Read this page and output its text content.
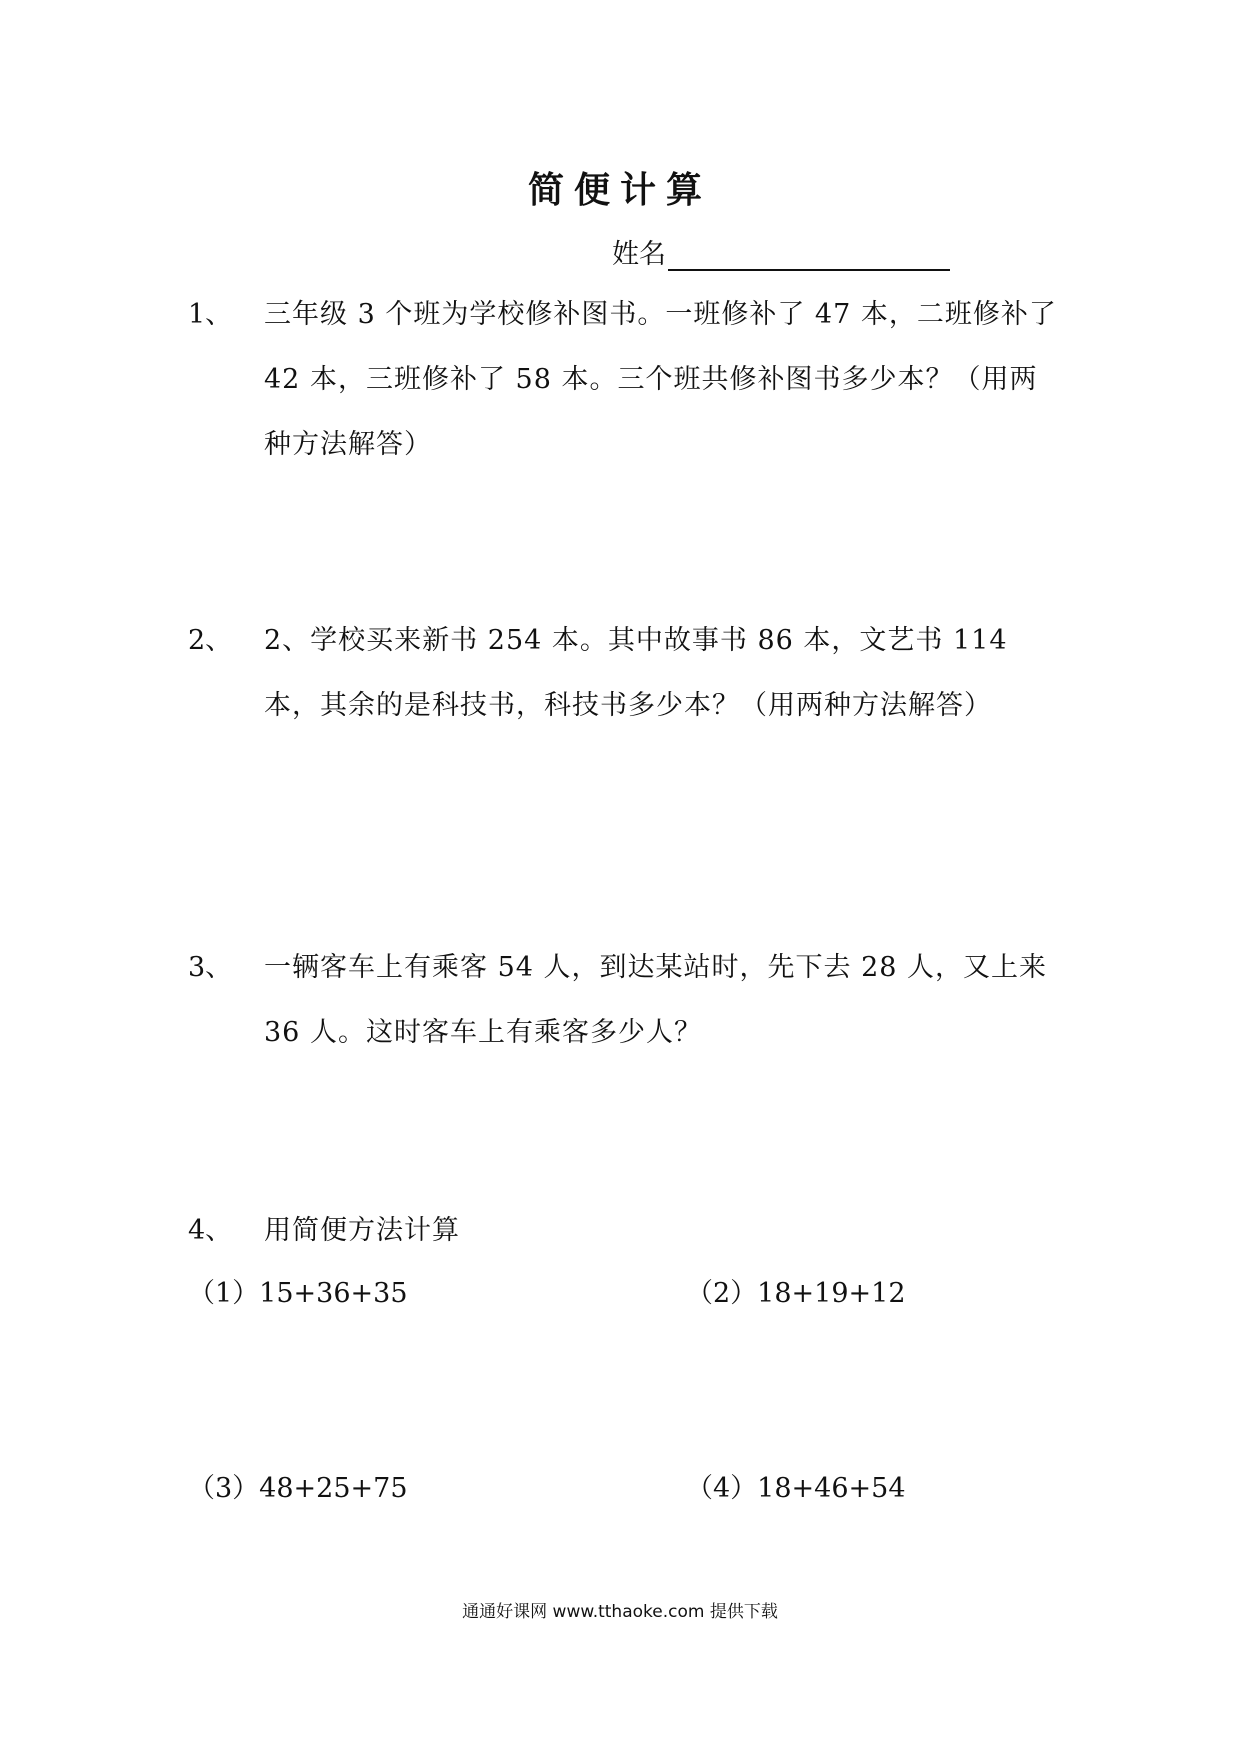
简便计算
姓名
1、 三年级 3 个班为学校修补图书。一班修补了 47 本，二班修补了 42 本，三班修补了 58 本。三个班共修补图书多少本？（用两种方法解答）
2、 2、学校买来新书 254 本。其中故事书 86 本，文艺书 114 本，其余的是科技书，科技书多少本？（用两种方法解答）
3、 一辆客车上有乘客 54 人，到达某站时，先下去 28 人，又上来 36 人。这时客车上有乘客多少人？
4、 用简便方法计算
（1）15+36+35	（2）18+19+12
（3）48+25+75	（4）18+46+54
通通好课网 www.tthaoke.com 提供下载
